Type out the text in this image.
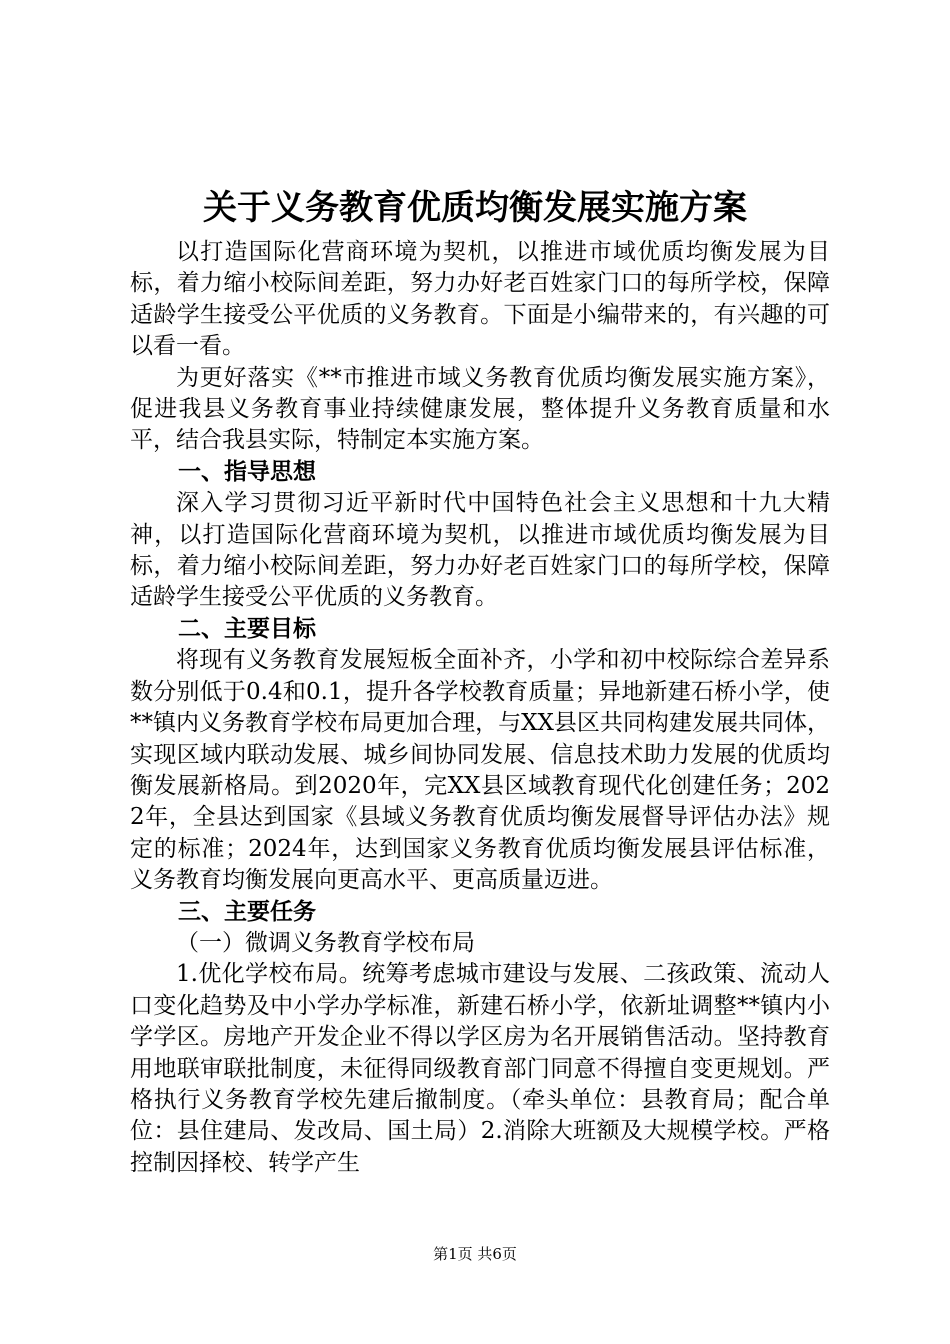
关于义务教育优质均衡发展实施方案

以打造国际化营商环境为契机，以推进市域优质均衡发展为目标，着力缩小校际间差距，努力办好老百姓家门口的每所学校，保障适龄学生接受公平优质的义务教育。下面是小编带来的，有兴趣的可以看一看。

为更好落实《**市推进市域义务教育优质均衡发展实施方案》，促进我县义务教育事业持续健康发展，整体提升义务教育质量和水平，结合我县实际，特制定本实施方案。

一、指导思想

深入学习贯彻习近平新时代中国特色社会主义思想和十九大精神，以打造国际化营商环境为契机，以推进市域优质均衡发展为目标，着力缩小校际间差距，努力办好老百姓家门口的每所学校，保障适龄学生接受公平优质的义务教育。

二、主要目标

将现有义务教育发展短板全面补齐，小学和初中校际综合差异系数分别低于0.4和0.1，提升各学校教育质量；异地新建石桥小学，使**镇内义务教育学校布局更加合理，与XX县区共同构建发展共同体，实现区域内联动发展、城乡间协同发展、信息技术助力发展的优质均衡发展新格局。到2020年，完XX县区域教育现代化创建任务；2022年，全县达到国家《县域义务教育优质均衡发展督导评估办法》规定的标准；2024年，达到国家义务教育优质均衡发展县评估标准，义务教育均衡发展向更高水平、更高质量迈进。

三、主要任务

（一）微调义务教育学校布局

1.优化学校布局。统筹考虑城市建设与发展、二孩政策、流动人口变化趋势及中小学办学标准，新建石桥小学，依新址调整**镇内小学学区。房地产开发企业不得以学区房为名开展销售活动。坚持教育用地联审联批制度，未征得同级教育部门同意不得擅自变更规划。严格执行义务教育学校先建后撤制度。（牵头单位：县教育局；配合单位：县住建局、发改局、国土局）2.消除大班额及大规模学校。严格控制因择校、转学产生

第1页 共6页
